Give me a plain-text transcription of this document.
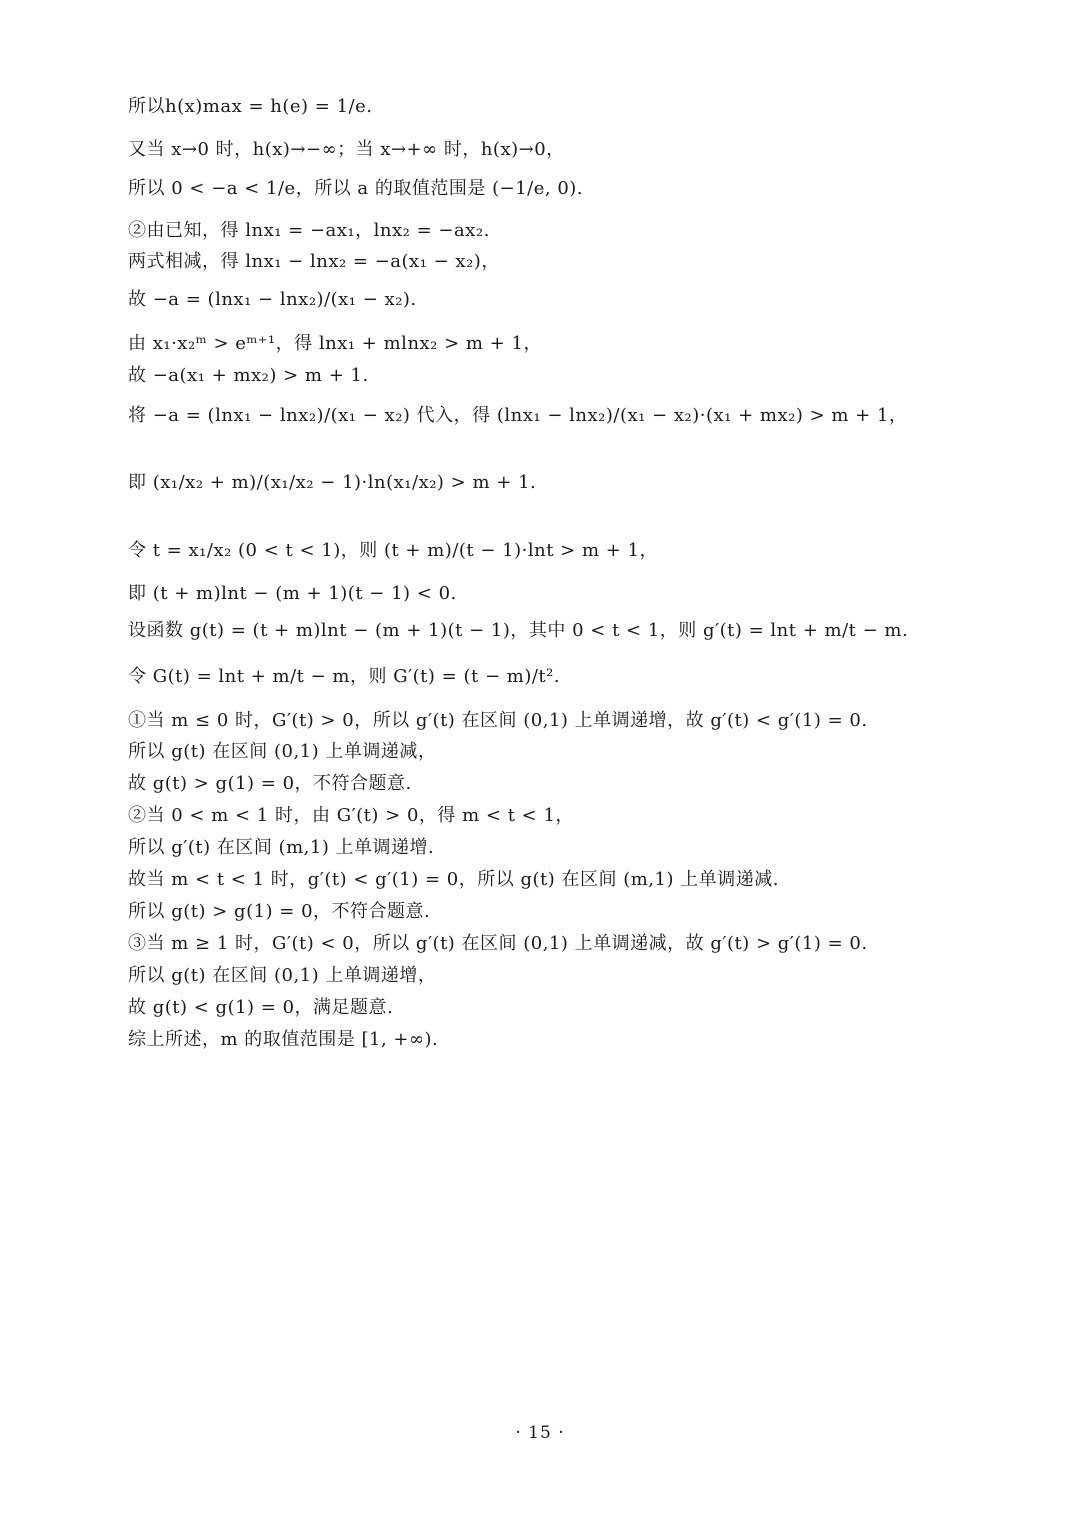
所以h(x)max = h(e) = 1/e.
又当 x→0 时，h(x)→−∞；当 x→+∞ 时，h(x)→0，
所以 0 < −a < 1/e，所以 a 的取值范围是 (−1/e, 0).
②由已知，得 lnx₁ = −ax₁，lnx₂ = −ax₂.
两式相减，得 lnx₁ − lnx₂ = −a(x₁ − x₂)，
故 −a = (lnx₁ − lnx₂)/(x₁ − x₂).
由 x₁·x₂ᵐ > eᵐ⁺¹，得 lnx₁ + mlnx₂ > m + 1，
故 −a(x₁ + mx₂) > m + 1.
将 −a = (lnx₁ − lnx₂)/(x₁ − x₂) 代入，得 (lnx₁ − lnx₂)/(x₁ − x₂)·(x₁ + mx₂) > m + 1，
即 (x₁/x₂ + m)/(x₁/x₂ − 1)·ln(x₁/x₂) > m + 1.
令 t = x₁/x₂ (0 < t < 1)，则 (t + m)/(t − 1)·lnt > m + 1，
即 (t + m)lnt − (m + 1)(t − 1) < 0.
设函数 g(t) = (t + m)lnt − (m + 1)(t − 1)，其中 0 < t < 1，则 g′(t) = lnt + m/t − m.
令 G(t) = lnt + m/t − m，则 G′(t) = (t − m)/t².
①当 m ≤ 0 时，G′(t) > 0，所以 g′(t) 在区间 (0,1) 上单调递增，故 g′(t) < g′(1) = 0.
所以 g(t) 在区间 (0,1) 上单调递减，
故 g(t) > g(1) = 0，不符合题意.
②当 0 < m < 1 时，由 G′(t) > 0，得 m < t < 1，
所以 g′(t) 在区间 (m,1) 上单调递增.
故当 m < t < 1 时，g′(t) < g′(1) = 0，所以 g(t) 在区间 (m,1) 上单调递减.
所以 g(t) > g(1) = 0，不符合题意.
③当 m ≥ 1 时，G′(t) < 0，所以 g′(t) 在区间 (0,1) 上单调递减，故 g′(t) > g′(1) = 0.
所以 g(t) 在区间 (0,1) 上单调递增，
故 g(t) < g(1) = 0，满足题意.
综上所述，m 的取值范围是 [1, +∞).
· 15 ·
